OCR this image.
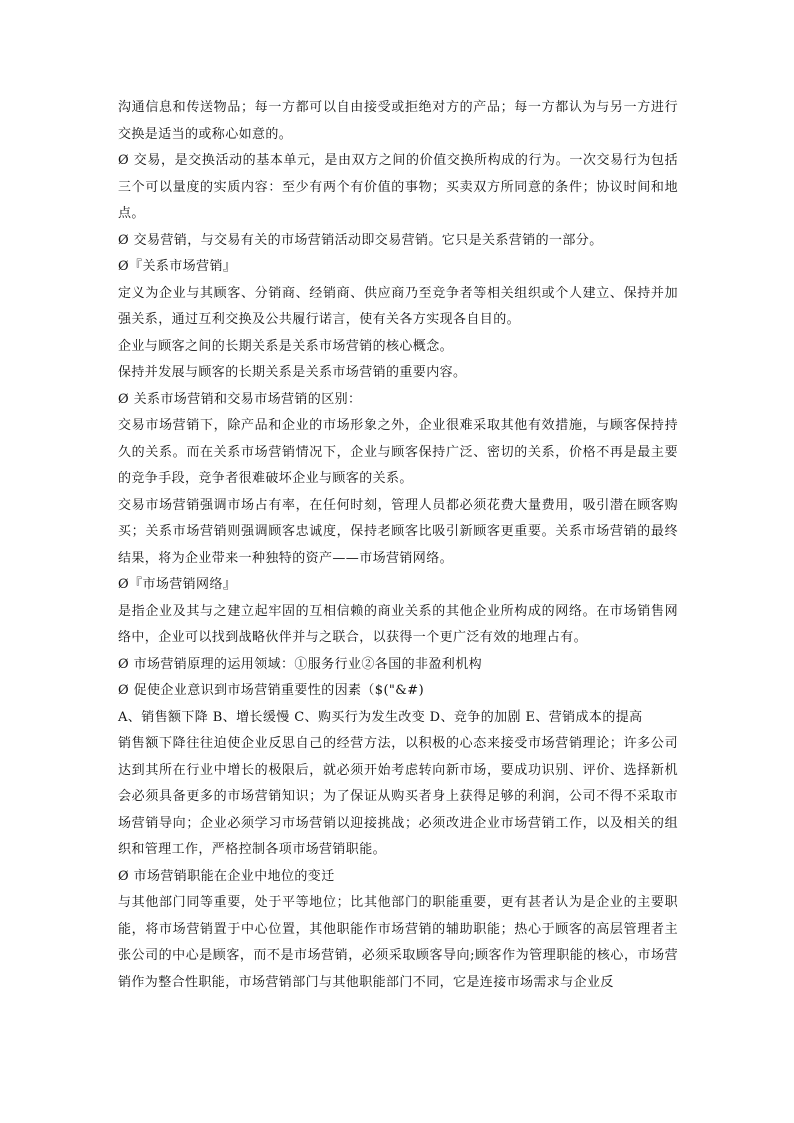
沟通信息和传送物品；每一方都可以自由接受或拒绝对方的产品；每一方都认为与另一方进行交换是适当的或称心如意的。

Ø 交易，是交换活动的基本单元，是由双方之间的价值交换所构成的行为。一次交易行为包括三个可以量度的实质内容：至少有两个有价值的事物；买卖双方所同意的条件；协议时间和地点。

Ø 交易营销，与交易有关的市场营销活动即交易营销。它只是关系营销的一部分。

Ø『关系市场营销』

定义为企业与其顾客、分销商、经销商、供应商乃至竞争者等相关组织或个人建立、保持并加强关系，通过互利交换及公共履行诺言，使有关各方实现各自目的。

企业与顾客之间的长期关系是关系市场营销的核心概念。

保持并发展与顾客的长期关系是关系市场营销的重要内容。

Ø 关系市场营销和交易市场营销的区别：

交易市场营销下，除产品和企业的市场形象之外，企业很难采取其他有效措施，与顾客保持持久的关系。而在关系市场营销情况下，企业与顾客保持广泛、密切的关系，价格不再是最主要的竞争手段，竞争者很难破坏企业与顾客的关系。

交易市场营销强调市场占有率，在任何时刻，管理人员都必须花费大量费用，吸引潜在顾客购买；关系市场营销则强调顾客忠诚度，保持老顾客比吸引新顾客更重要。关系市场营销的最终结果，将为企业带来一种独特的资产——市场营销网络。

Ø『市场营销网络』

是指企业及其与之建立起牢固的互相信赖的商业关系的其他企业所构成的网络。在市场销售网络中，企业可以找到战略伙伴并与之联合，以获得一个更广泛有效的地理占有。

Ø 市场营销原理的运用领域：①服务行业②各国的非盈利机构

Ø 促使企业意识到市场营销重要性的因素（$("&#)

A、销售额下降 B、增长缓慢 C、购买行为发生改变 D、竞争的加剧 E、营销成本的提高

销售额下降往往迫使企业反思自己的经营方法，以积极的心态来接受市场营销理论；许多公司达到其所在行业中增长的极限后，就必须开始考虑转向新市场，要成功识别、评价、选择新机会必须具备更多的市场营销知识；为了保证从购买者身上获得足够的利润，公司不得不采取市场营销导向；企业必须学习市场营销以迎接挑战；必须改进企业市场营销工作，以及相关的组织和管理工作，严格控制各项市场营销职能。

Ø 市场营销职能在企业中地位的变迁

与其他部门同等重要，处于平等地位；比其他部门的职能重要，更有甚者认为是企业的主要职能，将市场营销置于中心位置，其他职能作市场营销的辅助职能；热心于顾客的高层管理者主张公司的中心是顾客，而不是市场营销，必须采取顾客导向;顾客作为管理职能的核心，市场营销作为整合性职能，市场营销部门与其他职能部门不同，它是连接市场需求与企业反
